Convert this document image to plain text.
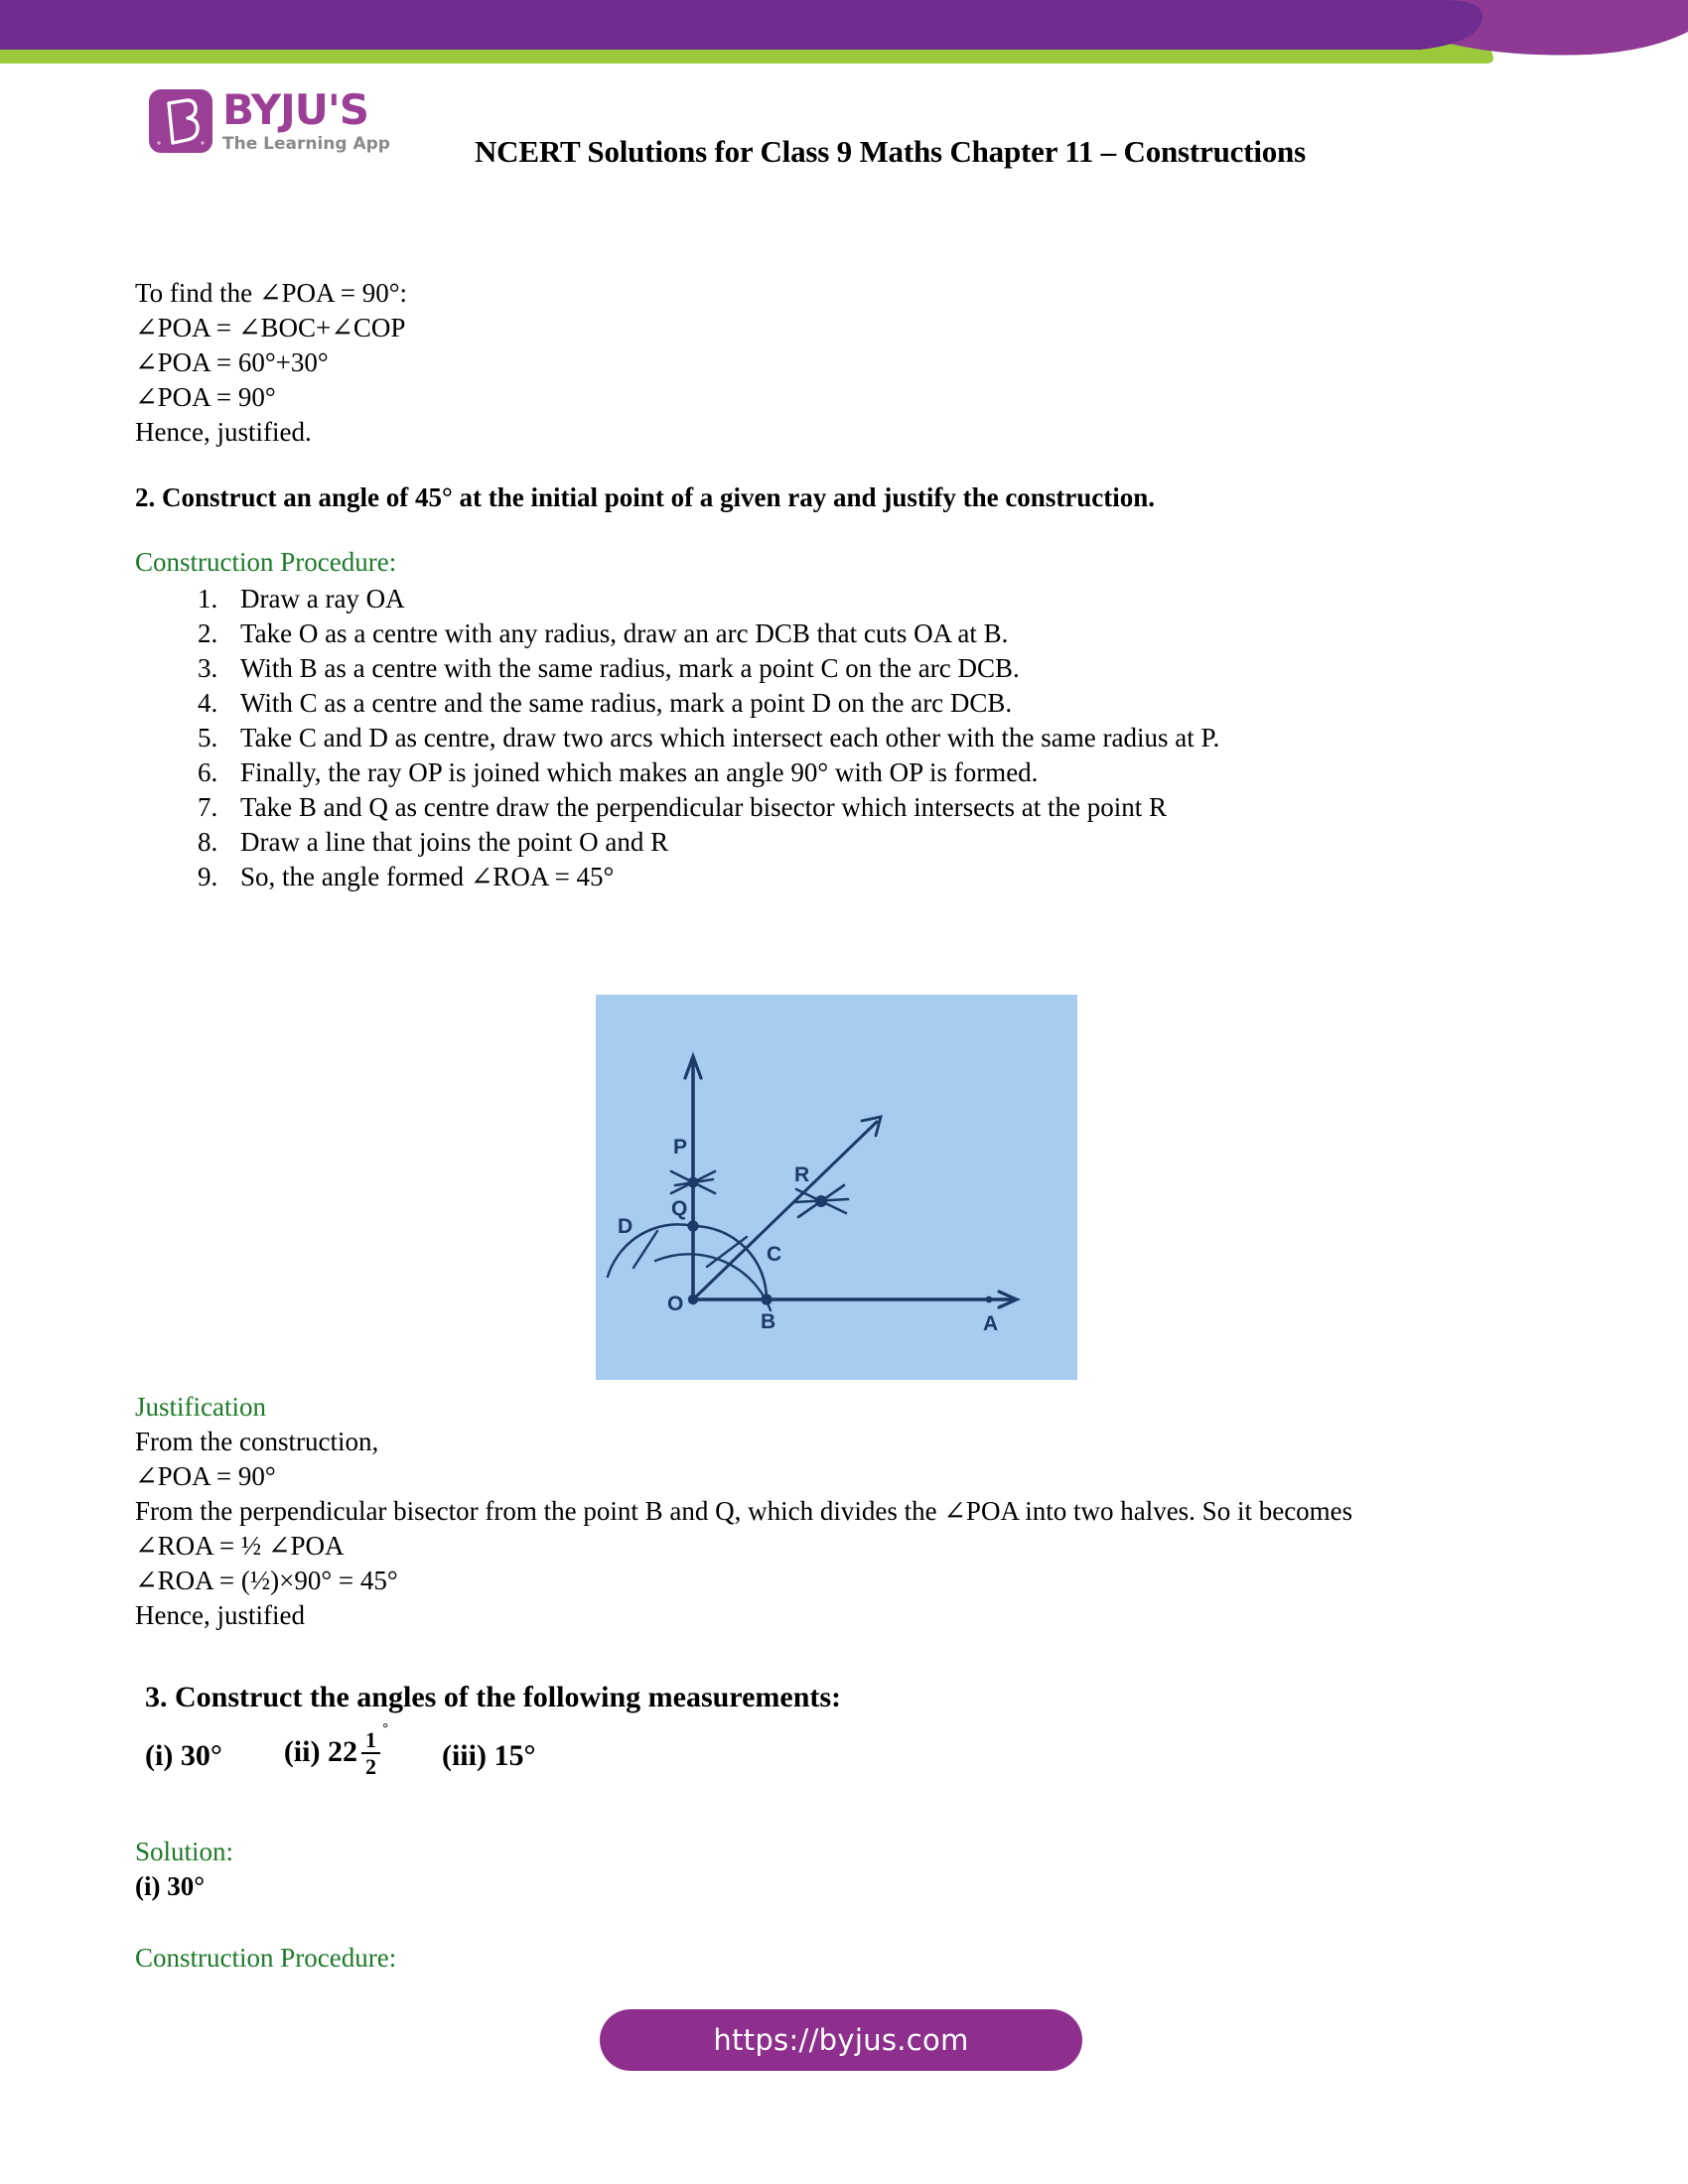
BYJU'S
The Learning App	NCERT Solutions for Class 9 Maths Chapter 11 – Constructions
To find the ∠POA = 90°:
∠POA = ∠BOC+∠COP
∠POA = 60°+30°
∠POA = 90°
Hence, justified.
2. Construct an angle of 45° at the initial point of a given ray and justify the construction.
Construction Procedure:
1. Draw a ray OA
2. Take O as a centre with any radius, draw an arc DCB that cuts OA at B.
3. With B as a centre with the same radius, mark a point C on the arc DCB.
4. With C as a centre and the same radius, mark a point D on the arc DCB.
5. Take C and D as centre, draw two arcs which intersect each other with the same radius at P.
6. Finally, the ray OP is joined which makes an angle 90° with OP is formed.
7. Take B and Q as centre draw the perpendicular bisector which intersects at the point R
8. Draw a line that joins the point O and R
9. So, the angle formed ∠ROA = 45°
P
Q
R
D
C
B	A
O
Justification
From the construction,
∠POA = 90°
From the perpendicular bisector from the point B and Q, which divides the ∠POA into two halves. So it becomes
∠ROA = ½ ∠POA
∠ROA = (½)×90° = 45°
Hence, justified
3. Construct the angles of the following measurements:
(i) 30° (ii) $22 \frac{1 ^\circ}{2} (iii)$ 15°
Solution:
(i) 30°
Construction Procedure:
https://byjus.com
